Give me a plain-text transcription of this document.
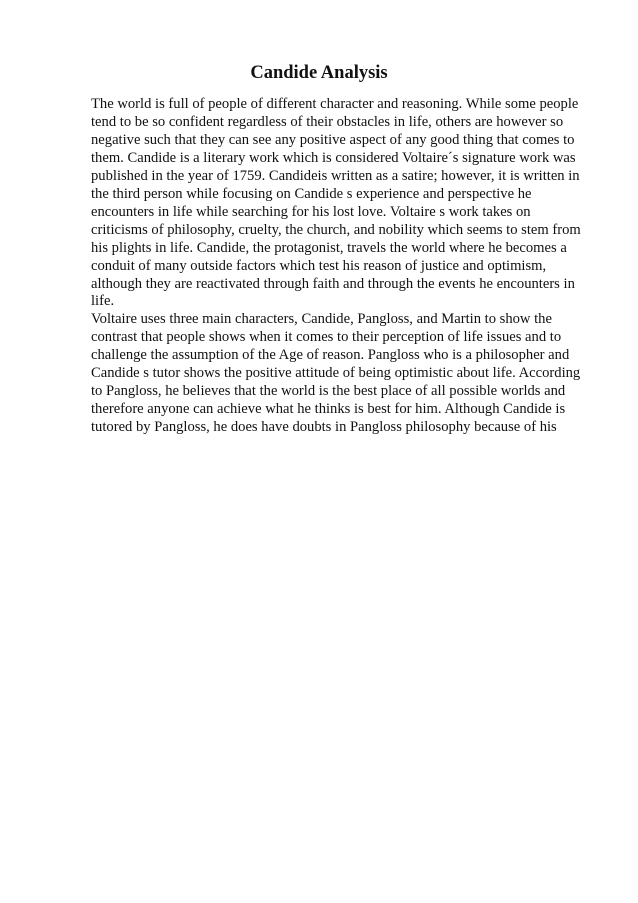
Candide Analysis
The world is full of people of different character and reasoning. While some people
tend to be so confident regardless of their obstacles in life, others are however so
negative such that they can see any positive aspect of any good thing that comes to
them. Candide is a literary work which is considered Voltaire´s signature work was
published in the year of 1759. Candideis written as a satire; however, it is written in
the third person while focusing on Candide s experience and perspective he
encounters in life while searching for his lost love. Voltaire s work takes on
criticisms of philosophy, cruelty, the church, and nobility which seems to stem from
his plights in life. Candide, the protagonist, travels the world where he becomes a
conduit of many outside factors which test his reason of justice and optimism,
although they are reactivated through faith and through the events he encounters in
life.
Voltaire uses three main characters, Candide, Pangloss, and Martin to show the
contrast that people shows when it comes to their perception of life issues and to
challenge the assumption of the Age of reason. Pangloss who is a philosopher and
Candide s tutor shows the positive attitude of being optimistic about life. According
to Pangloss, he believes that the world is the best place of all possible worlds and
therefore anyone can achieve what he thinks is best for him. Although Candide is
tutored by Pangloss, he does have doubts in Pangloss philosophy because of his
